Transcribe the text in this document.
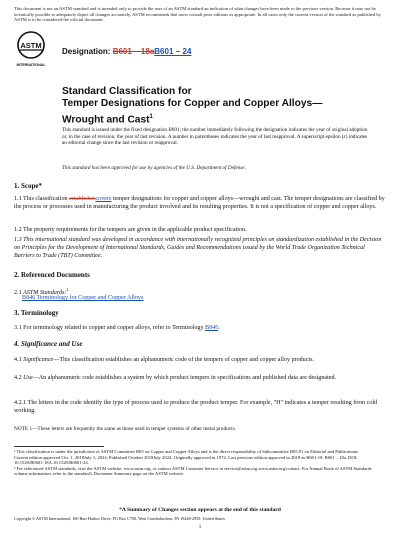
This document is not an ASTM standard and is intended only to provide the user of an ASTM standard an indication of what changes have been made to the previous version. Because it may not be technically possible to adequately depict all changes accurately, ASTM recommends that users consult prior editions as appropriate. In all cases only the current version of the standard as published by ASTM is to be considered the official document.
ASTM
INTERNATIONAL
Designation: B601 − 18aB601 − 24
Standard Classification for
Temper Designations for Copper and Copper Alloys—
Wrought and Cast$^1$
This standard is issued under the fixed designation B601; the number immediately following the designation indicates the year of original adoption or, in the case of revision, the year of last revision. A number in parentheses indicates the year of last reapproval. A superscript epsilon (ε) indicates an editorial change since the last revision or reapproval.
This standard has been approved for use by agencies of the U.S. Department of Defense.
1. Scope*
1.1 This classification establishescovers temper designations for copper and copper alloys—wrought and cast. The temper designations are classified by the process or processes used in manufacturing the product involved and its resulting properties. It is not a specification of copper and copper alloys.
1.2 The property requirements for the tempers are given in the applicable product specification.
1.3 This international standard was developed in accordance with internationally recognized principles on standardization established in the Decision on Principles for the Development of International Standards, Guides and Recommendations issued by the World Trade Organization Technical Barriers to Trade (TBT) Committee.
2. Referenced Documents
2.1 ASTM Standards:$^2$
B846 Terminology for Copper and Copper Alloys
3. Terminology
3.1 For terminology related to copper and copper alloys, refer to Terminology B846.
4. Significance and Use
4.1 Significance—This classification establishes an alphanumeric code of the tempers of copper and copper alloy products.
4.2 Use—An alphanumeric code establishes a system by which product tempers in specifications and published data are designated.
4.2.1 The letters in the code identify the type of process used to produce the product temper. For example, "H" indicates a temper resulting from cold working.
NOTE 1—These letters are frequently the same as those used in temper systems of other metal products.
¹ This classification is under the jurisdiction of ASTM Committee B05 on Copper and Copper Alloys and is the direct responsibility of Subcommittee B05.91 on Editorial and Publications.
Current edition approved Oct. 1, 2018July 1, 2024. Published October 2018July 2024. Originally approved in 1974. Last previous edition approved in 2018 as B601-18. B601 – 18a. DOI: 10.1520/B0601-18A.10.1520/B0601-24.
² For referenced ASTM standards, visit the ASTM website, www.astm.org, or contact ASTM Customer Service at service@astm.org.www.astm.org/contact. For Annual Book of ASTM Standards volume information, refer to the standard's Document Summary page on the ASTM website.
*A Summary of Changes section appears at the end of this standard
Copyright © ASTM International, 100 Barr Harbor Drive, PO Box C700, West Conshohocken, PA 19428-2959. United States
1
